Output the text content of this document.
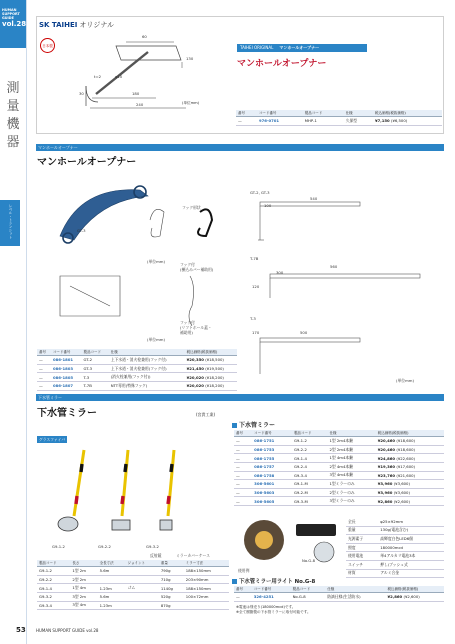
HUMAN SUPPORT GUIDE
vol.28
測量機器
レベル・トランシット
SK TAIHEI オリジナル
日本製
60
130
t=2	φ10
30	180
240	(単位mm)
TAIHEI ORIGINAL マンホールオープナー
マンホールオープナー
番号	コード番号	製品コード	仕様	税込価格(税抜価格)
—	976-0701	MHP-1	久保型	¥7,150 (¥6,500)
マンホールオープナー
マンホールオープナー
GT-3
フック形状
フック付
(横込みバー補助用)
(単位mm)
フック付
(リフトホール蓋・
補助用)
(単位mm)
GT-2, GT-3
540
100
T-7B
560
300
120
T-3
500
170
(単位mm)
番号	コード番号	製品コード	仕様	税込価格(税抜価格)
—	086-1801	GT-2	上下水道・消火栓兼用(フック付)	¥20,350 (¥18,500)
—	086-1803	GT-3	上下水道・消火栓兼用(フック付)	¥21,450 (¥19,500)
—	086-1805	T-3	(消火栓兼用(フック付))	¥20,020 (¥18,200)
—	086-1807	T-7B	NTT専用(特殊フック)	¥20,020 (¥18,200)
下水管ミラー
下水管ミラー	(宮貴工業)
グラスファイバー
G9-1-2	G9-2-2	G9-3-2
反射鏡	ミラーカバーケース
製品コード	長さ	全長寸法	ジョイント	重量	ミラー寸法
G9-1-2	1型 2m	5.6m		790g	188×150mm
G9-2-2	2型 2m			710g	203×90mm
G9-1-4	1型 4m	1.23m	ゴム	1140g	188×150mm
G9-3-2	3型 2m	5.6m		520g	100×72mm
G9-3-4	3型 4m	1.23m		870g	
下水管ミラー
番号	コード番号	製品コード	仕様	税込価格(税抜価格)
—	086-1751	G9-1-2	1型 2m4本継	¥20,460 (¥18,600)
—	086-1753	G9-2-2	2型 2m4本継	¥20,460 (¥18,600)
—	086-1755	G9-1-4	1型 4m4本継	¥24,860 (¥22,600)
—	086-1757	G9-2-4	2型 4m4本継	¥19,360 (¥17,600)
—	086-1758	G9-3-4	3型 4m4本継	¥23,760 (¥21,600)
—	306-5601	G9-1-M	1型ミラーのみ	¥3,960 (¥3,600)
—	306-5603	G9-2-M	2型ミラーのみ	¥3,960 (¥3,600)
—	306-5605	G9-3-M	3型ミラーのみ	¥2,860 (¥2,600)
使用例
No.G-8
全長	φ25×92mm
重量	130g(電池含む)
光源素子	高輝度白色LED6個
照度	180000mcd
使用電池	単4アルカリ電池3本
スイッチ	押し/ブッシュ式
材質	アルミ合金
下水管ミラー用ライト No.G-8
番号	コード番号	製品コード	仕様	税込価格(税抜価格)
—	326-4251	No.G-8	防滴仕様(生活防水)	¥2,860 (¥2,600)
※電池は別売り(180000mcd)です。
※全て樹脂製の下水管ミラーに取付可能です。
53	HUMAN SUPPORT GUIDE vol.28
